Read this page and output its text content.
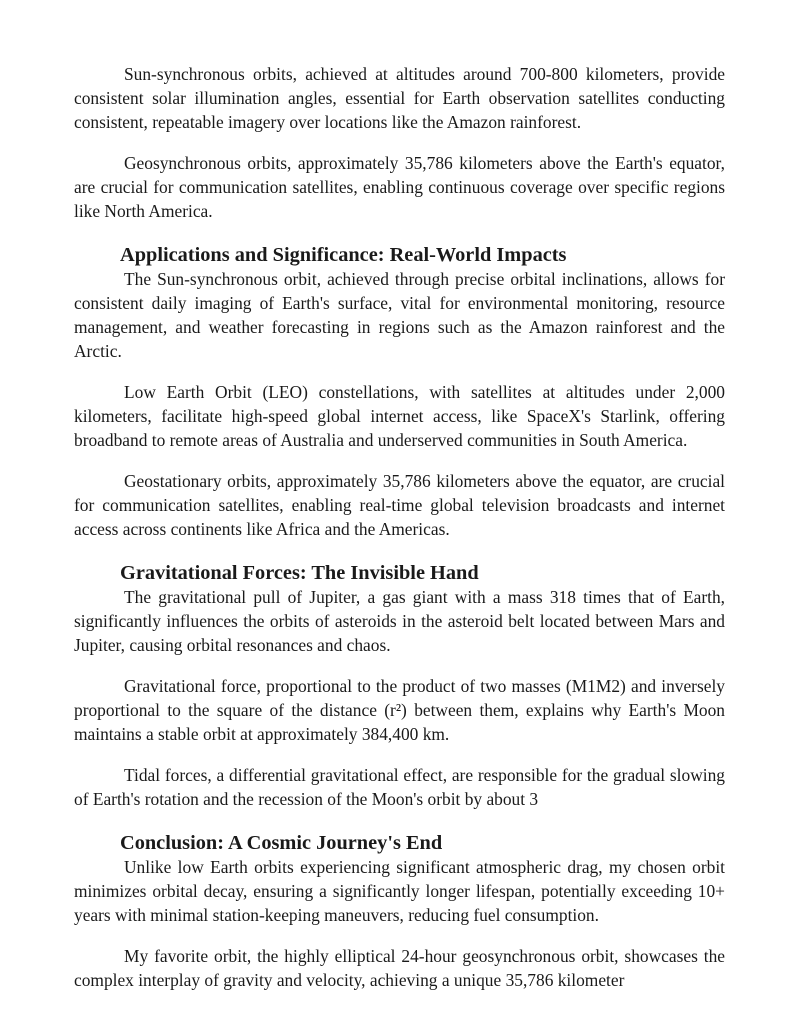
Sun-synchronous orbits, achieved at altitudes around 700-800 kilometers, provide consistent solar illumination angles, essential for Earth observation satellites conducting consistent, repeatable imagery over locations like the Amazon rainforest.

Geosynchronous orbits, approximately 35,786 kilometers above the Earth's equator, are crucial for communication satellites, enabling continuous coverage over specific regions like North America.

Applications and Significance: Real-World Impacts

The Sun-synchronous orbit, achieved through precise orbital inclinations, allows for consistent daily imaging of Earth's surface, vital for environmental monitoring, resource management, and weather forecasting in regions such as the Amazon rainforest and the Arctic.

Low Earth Orbit (LEO) constellations, with satellites at altitudes under 2,000 kilometers, facilitate high-speed global internet access, like SpaceX's Starlink, offering broadband to remote areas of Australia and underserved communities in South America.

Geostationary orbits, approximately 35,786 kilometers above the equator, are crucial for communication satellites, enabling real-time global television broadcasts and internet access across continents like Africa and the Americas.

Gravitational Forces: The Invisible Hand

The gravitational pull of Jupiter, a gas giant with a mass 318 times that of Earth, significantly influences the orbits of asteroids in the asteroid belt located between Mars and Jupiter, causing orbital resonances and chaos.

Gravitational force, proportional to the product of two masses (M1M2) and inversely proportional to the square of the distance (r²) between them, explains why Earth's Moon maintains a stable orbit at approximately 384,400 km.

Tidal forces, a differential gravitational effect, are responsible for the gradual slowing of Earth's rotation and the recession of the Moon's orbit by about 3

Conclusion: A Cosmic Journey's End

Unlike low Earth orbits experiencing significant atmospheric drag, my chosen orbit minimizes orbital decay, ensuring a significantly longer lifespan, potentially exceeding 10+ years with minimal station-keeping maneuvers, reducing fuel consumption.

My favorite orbit, the highly elliptical 24-hour geosynchronous orbit, showcases the complex interplay of gravity and velocity, achieving a unique 35,786 kilometer
